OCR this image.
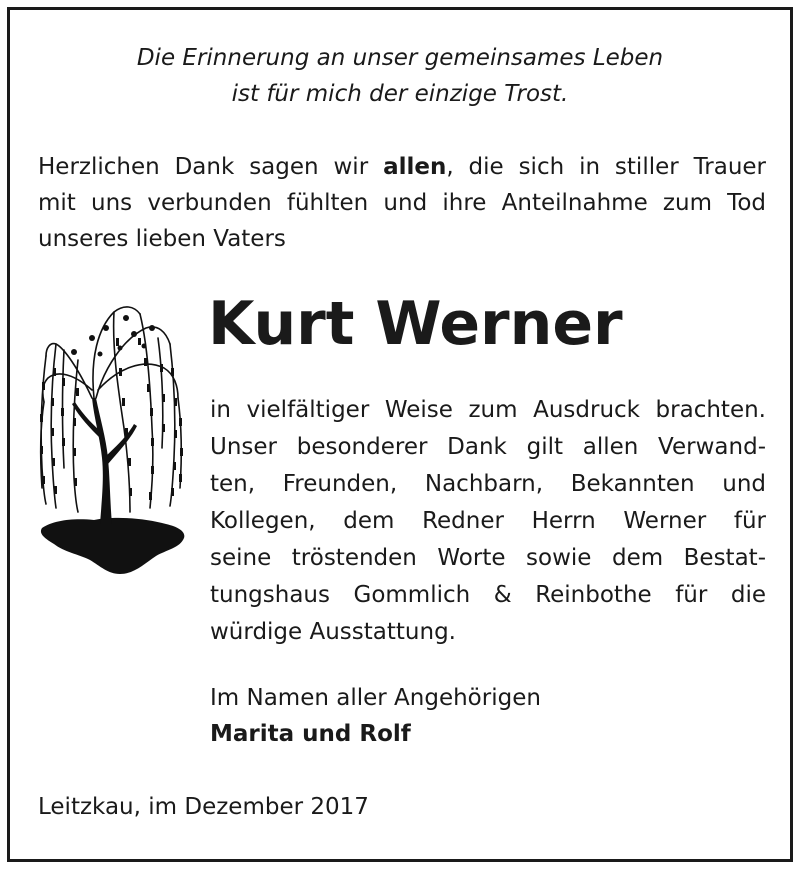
Die Erinnerung an unser gemeinsames Leben
ist für mich der einzige Trost.
Herzlichen Dank sagen wir allen, die sich in stiller Trauer
mit uns verbunden fühlten und ihre Anteilnahme zum Tod
unseres lieben Vaters
Kurt Werner
in vielfältiger Weise zum Ausdruck brachten.
Unser besonderer Dank gilt allen Verwand-
ten, Freunden, Nachbarn, Bekannten und
Kollegen, dem Redner Herrn Werner für
seine tröstenden Worte sowie dem Bestat-
tungshaus Gommlich & Reinbothe für die
würdige Ausstattung.
Im Namen aller Angehörigen
Marita und Rolf
Leitzkau, im Dezember 2017
